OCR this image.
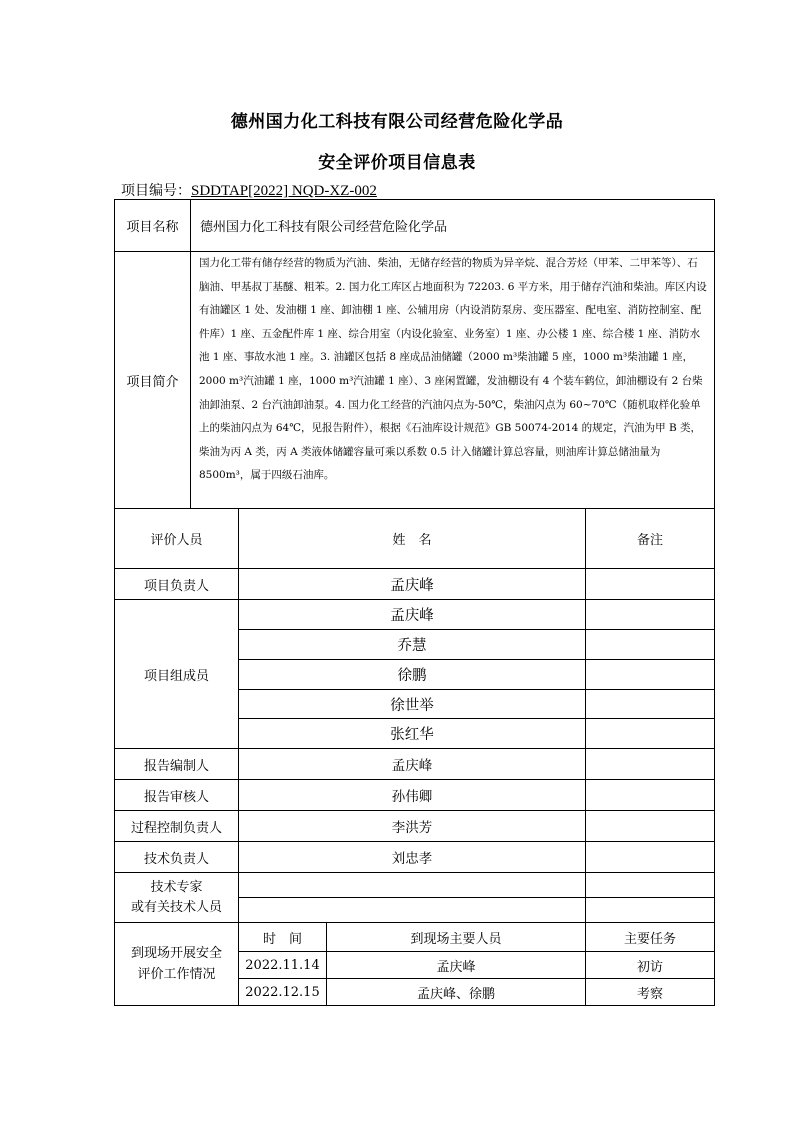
德州国力化工科技有限公司经营危险化学品
安全评价项目信息表
项目编号：SDDTAP[2022] NQD-XZ-002
项目名称	德州国力化工科技有限公司经营危险化学品
项目简介	国力化工带有储存经营的物质为汽油、柴油，无储存经营的物质为异辛烷、混合芳烃（甲苯、二甲苯等）、石脑油、甲基叔丁基醚、粗苯。2. 国力化工库区占地面积为 72203. 6 平方米，用于储存汽油和柴油。库区内设有油罐区 1 处、发油棚 1 座、卸油棚 1 座、公辅用房（内设消防泵房、变压器室、配电室、消防控制室、配件库）1 座、五金配件库 1 座、综合用室（内设化验室、业务室）1 座、办公楼 1 座、综合楼 1 座、消防水池 1 座、事故水池 1 座。3. 油罐区包括 8 座成品油储罐（2000 m³柴油罐 5 座，1000 m³柴油罐 1 座，2000 m³汽油罐 1 座，1000 m³汽油罐 1 座）、3 座闲置罐，发油棚设有 4 个装车鹤位，卸油棚设有 2 台柴油卸油泵、2 台汽油卸油泵。4. 国力化工经营的汽油闪点为-50℃，柴油闪点为 60~70℃（随机取样化验单上的柴油闪点为 64℃，见报告附件），根据《石油库设计规范》GB 50074-2014 的规定，汽油为甲 B 类，柴油为丙 A 类，丙 A 类液体储罐容量可乘以系数 0.5 计入储罐计算总容量，则油库计算总储油量为 8500m³，属于四级石油库。
评价人员	姓　名		备注
项目负责人	孟庆峰		
项目组成员	孟庆峰		
	乔慧		
	徐鹏		
	徐世举		
	张红华		
报告编制人	孟庆峰		
报告审核人	孙伟卿		
过程控制负责人	李洪芳		
技术负责人	刘忠孝		
技术专家
或有关技术人员			

到现场开展安全
评价工作情况	时　间	到现场主要人员	主要任务
	2022.11.14	孟庆峰	初访
	2022.12.15	孟庆峰、徐鹏	考察
